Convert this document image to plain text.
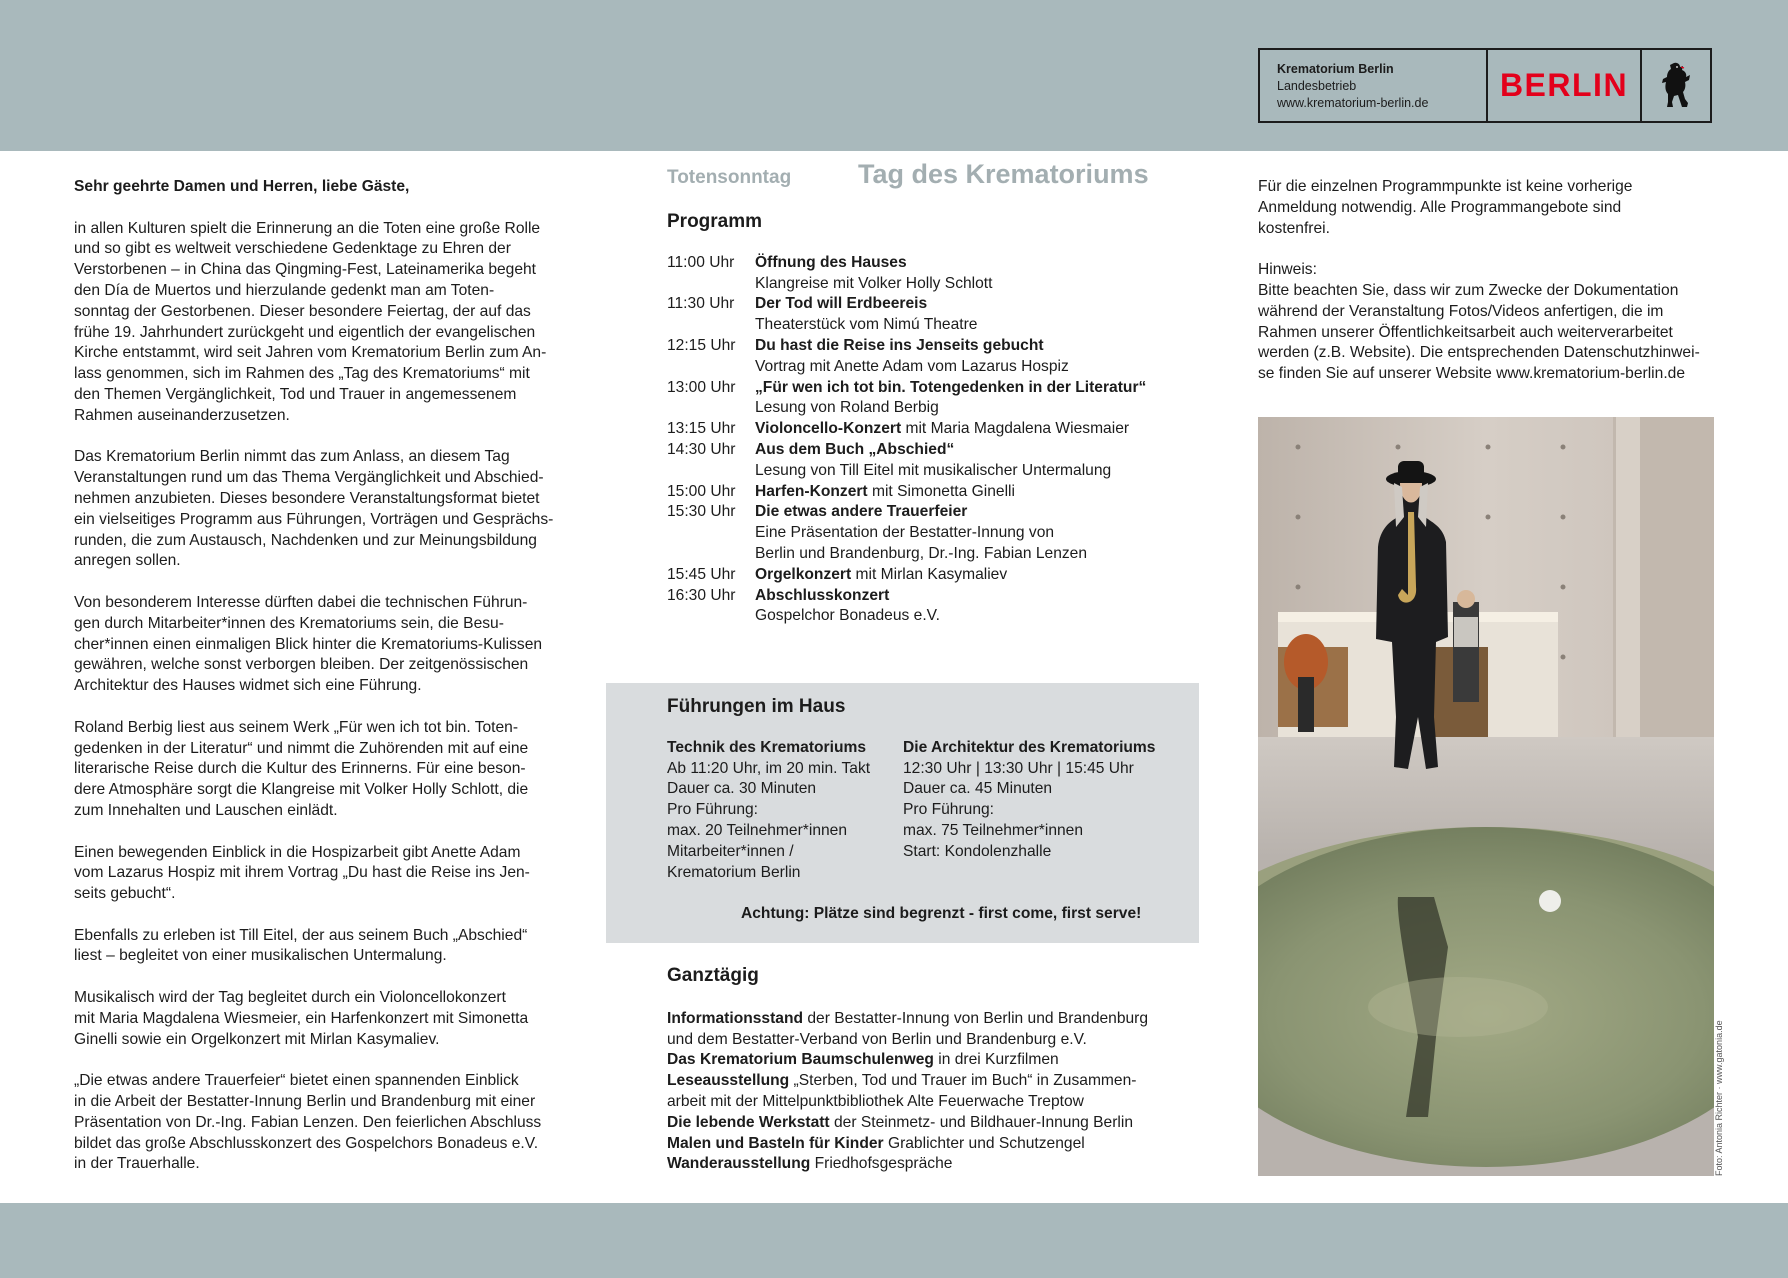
Krematorium Berlin
Landesbetrieb
www.krematorium-berlin.de	BERLIN

Sehr geehrte Damen und Herren, liebe Gäste,

in allen Kulturen spielt die Erinnerung an die Toten eine große Rolle
und so gibt es weltweit verschiedene Gedenktage zu Ehren der
Verstorbenen – in China das Qingming-Fest, Lateinamerika begeht
den Día de Muertos und hierzulande gedenkt man am Toten-
sonntag der Gestorbenen. Dieser besondere Feiertag, der auf das
frühe 19. Jahrhundert zurückgeht und eigentlich der evangelischen
Kirche entstammt, wird seit Jahren vom Krematorium Berlin zum An-
lass genommen, sich im Rahmen des „Tag des Krematoriums“ mit
den Themen Vergänglichkeit, Tod und Trauer in angemessenem
Rahmen auseinanderzusetzen.

Das Krematorium Berlin nimmt das zum Anlass, an diesem Tag
Veranstaltungen rund um das Thema Vergänglichkeit und Abschied-
nehmen anzubieten. Dieses besondere Veranstaltungsformat bietet
ein vielseitiges Programm aus Führungen, Vorträgen und Gesprächs-
runden, die zum Austausch, Nachdenken und zur Meinungsbildung
anregen sollen.

Von besonderem Interesse dürften dabei die technischen Führun-
gen durch Mitarbeiter*innen des Krematoriums sein, die Besu-
cher*innen einen einmaligen Blick hinter die Krematoriums-Kulissen
gewähren, welche sonst verborgen bleiben. Der zeitgenössischen
Architektur des Hauses widmet sich eine Führung.

Roland Berbig liest aus seinem Werk „Für wen ich tot bin. Toten-
gedenken in der Literatur“ und nimmt die Zuhörenden mit auf eine
literarische Reise durch die Kultur des Erinnerns. Für eine beson-
dere Atmosphäre sorgt die Klangreise mit Volker Holly Schlott, die
zum Innehalten und Lauschen einlädt.

Einen bewegenden Einblick in die Hospizarbeit gibt Anette Adam
vom Lazarus Hospiz mit ihrem Vortrag „Du hast die Reise ins Jen-
seits gebucht“.

Ebenfalls zu erleben ist Till Eitel, der aus seinem Buch „Abschied“
liest – begleitet von einer musikalischen Untermalung.

Musikalisch wird der Tag begleitet durch ein Violoncellokonzert
mit Maria Magdalena Wiesmeier, ein Harfenkonzert mit Simonetta
Ginelli sowie ein Orgelkonzert mit Mirlan Kasymaliev.

„Die etwas andere Trauerfeier“ bietet einen spannenden Einblick
in die Arbeit der Bestatter-Innung Berlin und Brandenburg mit einer
Präsentation von Dr.-Ing. Fabian Lenzen. Den feierlichen Abschluss
bildet das große Abschlusskonzert des Gospelchors Bonadeus e.V.
in der Trauerhalle.

Totensonntag	Tag des Krematoriums
Programm
11:00 Uhr	Öffnung des Hauses
Klangreise mit Volker Holly Schlott
11:30 Uhr	Der Tod will Erdbeereis
Theaterstück vom Nimú Theatre
12:15 Uhr	Du hast die Reise ins Jenseits gebucht
Vortrag mit Anette Adam vom Lazarus Hospiz
13:00 Uhr	„Für wen ich tot bin. Totengedenken in der Literatur“
Lesung von Roland Berbig
13:15 Uhr	Violoncello-Konzert mit Maria Magdalena Wiesmaier
14:30 Uhr	Aus dem Buch „Abschied“
Lesung von Till Eitel mit musikalischer Untermalung
15:00 Uhr	Harfen-Konzert mit Simonetta Ginelli
15:30 Uhr	Die etwas andere Trauerfeier
Eine Präsentation der Bestatter-Innung von
Berlin und Brandenburg, Dr.-Ing. Fabian Lenzen
15:45 Uhr	Orgelkonzert mit Mirlan Kasymaliev
16:30 Uhr	Abschlusskonzert
Gospelchor Bonadeus e.V.
Führungen im Haus
Technik des Krematoriums
Ab 11:20 Uhr, im 20 min. Takt
Dauer ca. 30 Minuten
Pro Führung:
max. 20 Teilnehmer*innen
Mitarbeiter*innen /
Krematorium Berlin
Die Architektur des Krematoriums
12:30 Uhr | 13:30 Uhr | 15:45 Uhr
Dauer ca. 45 Minuten
Pro Führung:
max. 75 Teilnehmer*innen
Start: Kondolenzhalle
Achtung: Plätze sind begrenzt - first come, first serve!
Ganztägig
Informationsstand der Bestatter-Innung von Berlin und Brandenburg
und dem Bestatter-Verband von Berlin und Brandenburg e.V.
Das Krematorium Baumschulenweg in drei Kurzfilmen
Leseausstellung „Sterben, Tod und Trauer im Buch“ in Zusammen-
arbeit mit der Mittelpunktbibliothek Alte Feuerwache Treptow
Die lebende Werkstatt der Steinmetz- und Bildhauer-Innung Berlin
Malen und Basteln für Kinder Grablichter und Schutzengel
Wanderausstellung Friedhofsgespräche

Für die einzelnen Programmpunkte ist keine vorherige
Anmeldung notwendig. Alle Programmangebote sind
kostenfrei.

Hinweis:
Bitte beachten Sie, dass wir zum Zwecke der Dokumentation
während der Veranstaltung Fotos/Videos anfertigen, die im
Rahmen unserer Öffentlichkeitsarbeit auch weiterverarbeitet
werden (z.B. Website). Die entsprechenden Datenschutzhinwei-
se finden Sie auf unserer Website www.krematorium-berlin.de

Foto: Antonia Richter · www.gatonia.de
